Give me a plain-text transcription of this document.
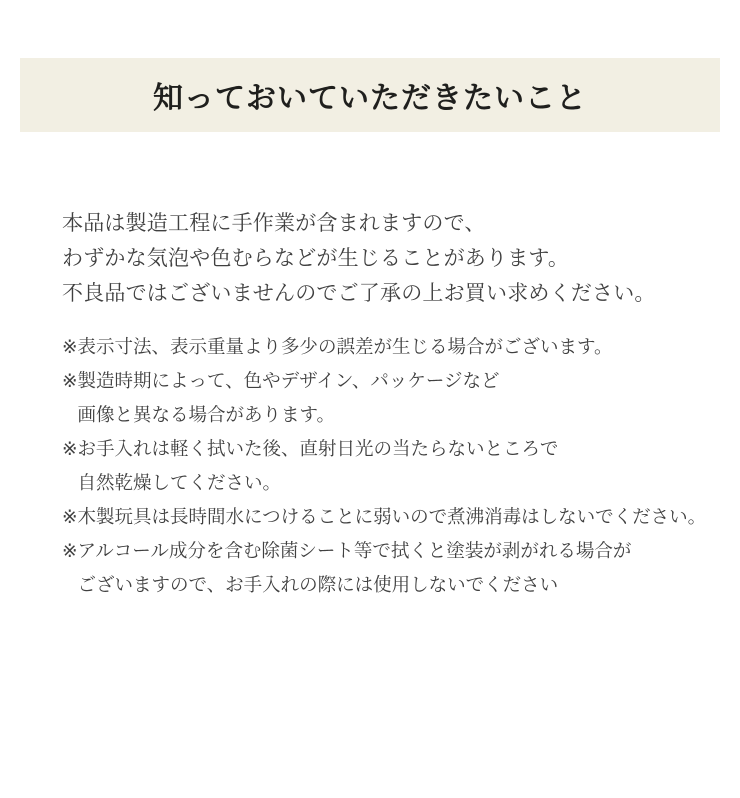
知っておいていただきたいこと

本品は製造工程に手作業が含まれますので、
わずかな気泡や色むらなどが生じることがあります。
不良品ではございませんのでご了承の上お買い求めください。

※ 表示寸法、表示重量より多少の誤差が生じる場合がございます。
※ 製造時期によって、色やデザイン、パッケージなど
画像と異なる場合があります。
※ お手入れは軽く拭いた後、直射日光の当たらないところで
自然乾燥してください。
※ 木製玩具は長時間水につけることに弱いので煮沸消毒はしないでください。
※ アルコール成分を含む除菌シート等で拭くと塗装が剥がれる場合が
ございますので、お手入れの際には使用しないでください
